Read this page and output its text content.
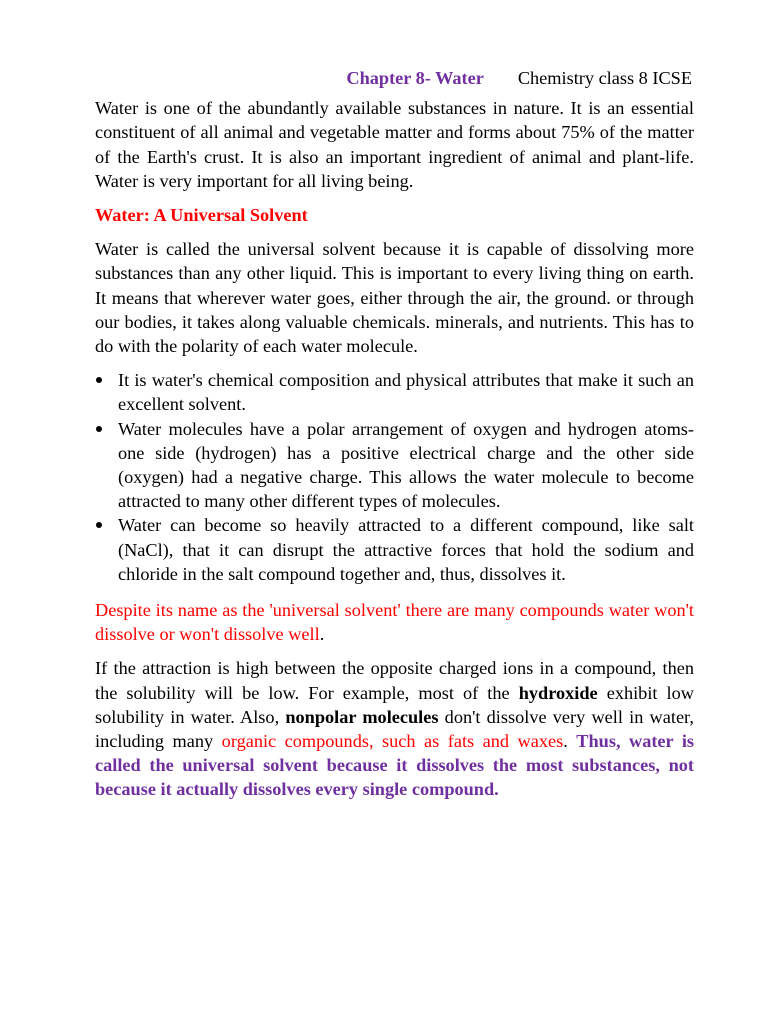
Chapter 8- Water Chemistry class 8 ICSE

Water is one of the abundantly available substances in nature. It is an essential constituent of all animal and vegetable matter and forms about 75% of the matter of the Earth's crust. It is also an important ingredient of animal and plant-life. Water is very important for all living being.

Water: A Universal Solvent

Water is called the universal solvent because it is capable of dissolving more substances than any other liquid. This is important to every living thing on earth. It means that wherever water goes, either through the air, the ground. or through our bodies, it takes along valuable chemicals. minerals, and nutrients. This has to do with the polarity of each water molecule.

It is water's chemical composition and physical attributes that make it such an excellent solvent.
Water molecules have a polar arrangement of oxygen and hydrogen atoms- one side (hydrogen) has a positive electrical charge and the other side (oxygen) had a negative charge. This allows the water molecule to become attracted to many other different types of molecules.
Water can become so heavily attracted to a different compound, like salt (NaCl), that it can disrupt the attractive forces that hold the sodium and chloride in the salt compound together and, thus, dissolves it.

Despite its name as the 'universal solvent' there are many compounds water won't dissolve or won't dissolve well.

If the attraction is high between the opposite charged ions in a compound, then the solubility will be low. For example, most of the hydroxide exhibit low solubility in water. Also, nonpolar molecules don't dissolve very well in water, including many organic compounds, such as fats and waxes. Thus, water is called the universal solvent because it dissolves the most substances, not because it actually dissolves every single compound.
